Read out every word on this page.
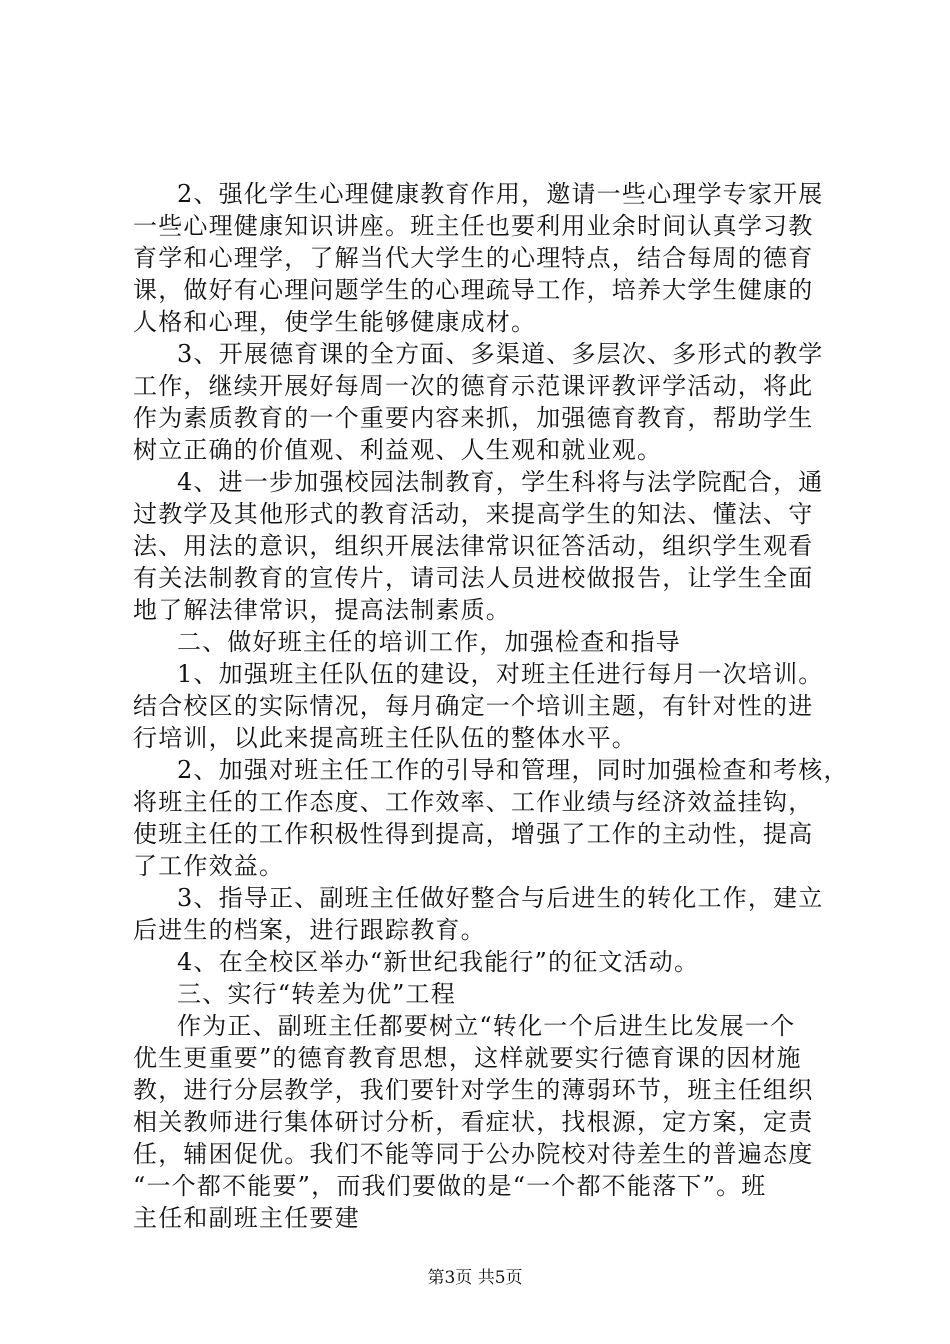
2、强化学生心理健康教育作用，邀请一些心理学专家开展
一些心理健康知识讲座。班主任也要利用业余时间认真学习教
育学和心理学，了解当代大学生的心理特点，结合每周的德育
课，做好有心理问题学生的心理疏导工作，培养大学生健康的
人格和心理，使学生能够健康成材。
3、开展德育课的全方面、多渠道、多层次、多形式的教学
工作，继续开展好每周一次的德育示范课评教评学活动，将此
作为素质教育的一个重要内容来抓，加强德育教育，帮助学生
树立正确的价值观、利益观、人生观和就业观。
4、进一步加强校园法制教育，学生科将与法学院配合，通
过教学及其他形式的教育活动，来提高学生的知法、懂法、守
法、用法的意识，组织开展法律常识征答活动，组织学生观看
有关法制教育的宣传片，请司法人员进校做报告，让学生全面
地了解法律常识，提高法制素质。
二、做好班主任的培训工作，加强检查和指导
1、加强班主任队伍的建设，对班主任进行每月一次培训。
结合校区的实际情况，每月确定一个培训主题，有针对性的进
行培训，以此来提高班主任队伍的整体水平。
2、加强对班主任工作的引导和管理，同时加强检查和考核，
将班主任的工作态度、工作效率、工作业绩与经济效益挂钩，
使班主任的工作积极性得到提高，增强了工作的主动性，提高
了工作效益。
3、指导正、副班主任做好整合与后进生的转化工作，建立
后进生的档案，进行跟踪教育。
4、在全校区举办“新世纪我能行”的征文活动。
三、实行“转差为优”工程
作为正、副班主任都要树立“转化一个后进生比发展一个
优生更重要”的德育教育思想，这样就要实行德育课的因材施
教，进行分层教学，我们要针对学生的薄弱环节，班主任组织
相关教师进行集体研讨分析，看症状，找根源，定方案，定责
任，辅困促优。我们不能等同于公办院校对待差生的普遍态度
“一个都不能要”，而我们要做的是“一个都不能落下”。班
主任和副班主任要建
第3页 共5页
